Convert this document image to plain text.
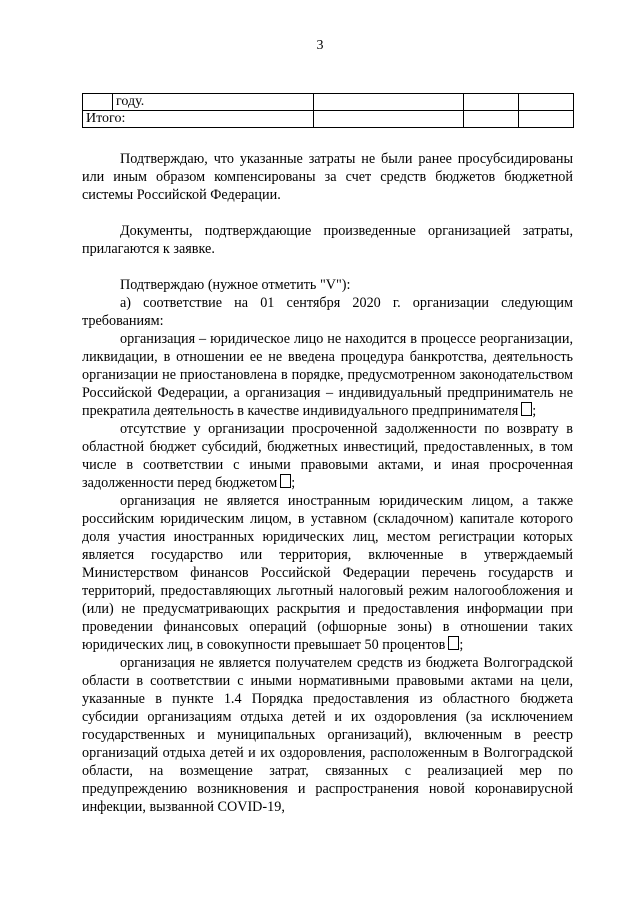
3
	году.			
Итого:				

Подтверждаю, что указанные затраты не были ранее просубсидированы или иным образом компенсированы за счет средств бюджетов бюджетной системы Российской Федерации.

Документы, подтверждающие произведенные организацией затраты, прилагаются к заявке.

Подтверждаю (нужное отметить "V"):

а) соответствие на 01 сентября 2020 г. организации следующим требованиям:

организация – юридическое лицо не находится в процессе реорганизации, ликвидации, в отношении ее не введена процедура банкротства, деятельность организации не приостановлена в порядке, предусмотренном законодательством Российской Федерации, а организация – индивидуальный предприниматель не прекратила деятельность в качестве индивидуального предпринимателя ;

отсутствие у организации просроченной задолженности по возврату в областной бюджет субсидий, бюджетных инвестиций, предоставленных, в том числе в соответствии с иными правовыми актами, и иная просроченная задолженности перед бюджетом ;

организация не является иностранным юридическим лицом, а также российским юридическим лицом, в уставном (складочном) капитале которого доля участия иностранных юридических лиц, местом регистрации которых является государство или территория, включенные в утверждаемый Министерством финансов Российской Федерации перечень государств и территорий, предоставляющих льготный налоговый режим налогообложения и (или) не предусматривающих раскрытия и предоставления информации при проведении финансовых операций (офшорные зоны) в отношении таких юридических лиц, в совокупности превышает 50 процентов ;

организация не является получателем средств из бюджета Волгоградской области в соответствии с иными нормативными правовыми актами на цели, указанные в пункте 1.4 Порядка предоставления из областного бюджета субсидии организациям отдыха детей и их оздоровления (за исключением государственных и муниципальных организаций), включенным в реестр организаций отдыха детей и их оздоровления, расположенным в Волгоградской области, на возмещение затрат, связанных с реализацией мер по предупреждению возникновения и распространения новой коронавирусной инфекции, вызванной COVID-19,
